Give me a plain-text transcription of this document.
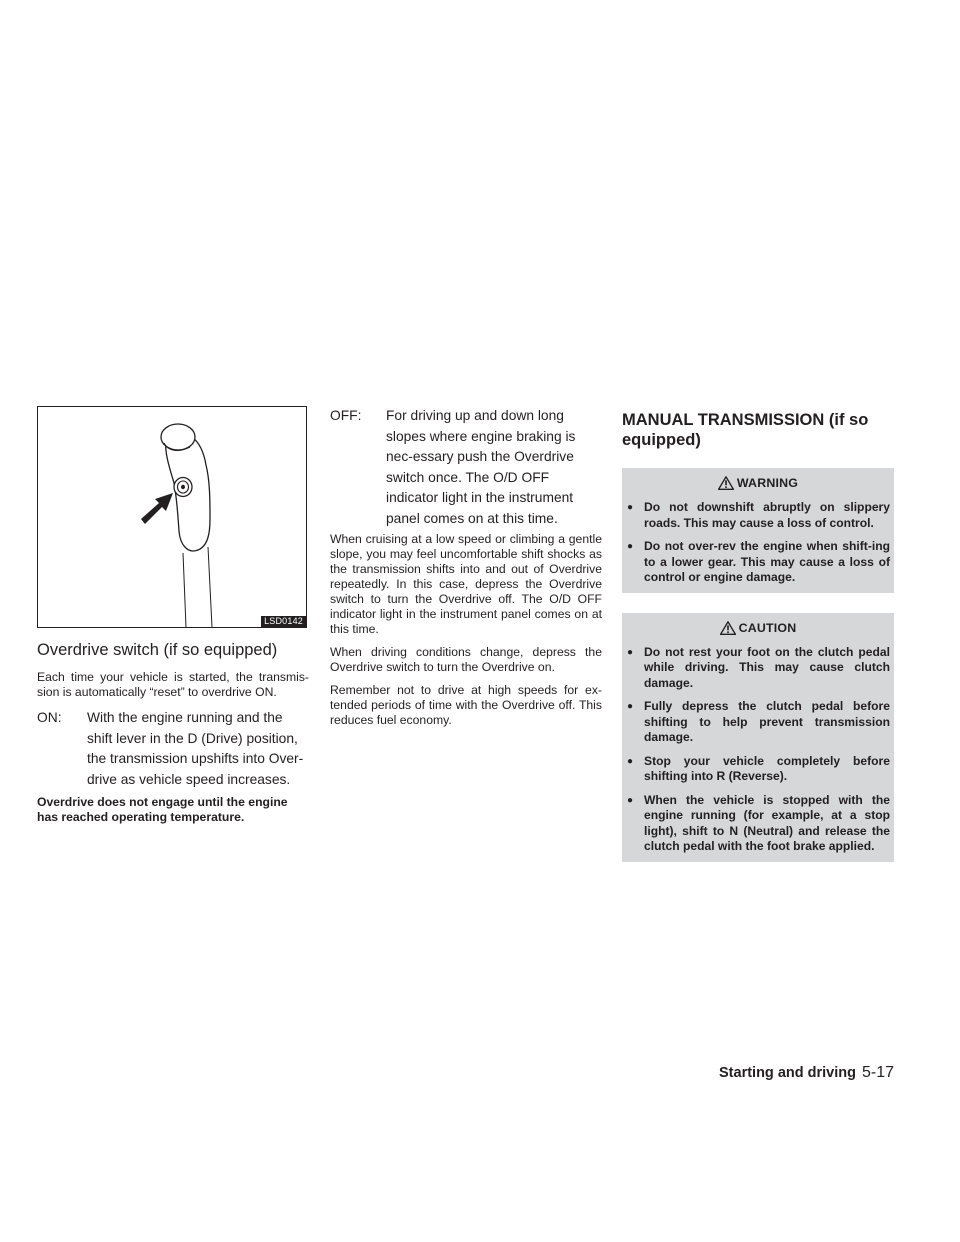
LSD0142
Overdrive switch (if so equipped)

Each time your vehicle is started, the transmis-sion is automatically “reset” to overdrive ON.

ON:	With the engine running and the shift lever in the D (Drive) position, the transmission upshifts into Over-drive as vehicle speed increases.

Overdrive does not engage until the engine has reached operating temperature.

OFF:	For driving up and down long slopes where engine braking is nec-essary push the Overdrive switch once. The O/D OFF indicator light in the instrument panel comes on at this time.

When cruising at a low speed or climbing a gentle slope, you may feel uncomfortable shift shocks as the transmission shifts into and out of Overdrive repeatedly. In this case, depress the Overdrive switch to turn the Overdrive off. The O/D OFF indicator light in the instrument panel comes on at this time.

When driving conditions change, depress the Overdrive switch to turn the Overdrive on.

Remember not to drive at high speeds for ex-tended periods of time with the Overdrive off. This reduces fuel economy.

MANUAL TRANSMISSION (if so equipped)
WARNING
● Do not downshift abruptly on slippery roads. This may cause a loss of control.
● Do not over-rev the engine when shift-ing to a lower gear. This may cause a loss of control or engine damage.
CAUTION
● Do not rest your foot on the clutch pedal while driving. This may cause clutch damage.
● Fully depress the clutch pedal before shifting to help prevent transmission damage.
● Stop your vehicle completely before shifting into R (Reverse).
● When the vehicle is stopped with the engine running (for example, at a stop light), shift to N (Neutral) and release the clutch pedal with the foot brake applied.
Starting and driving 5-17
